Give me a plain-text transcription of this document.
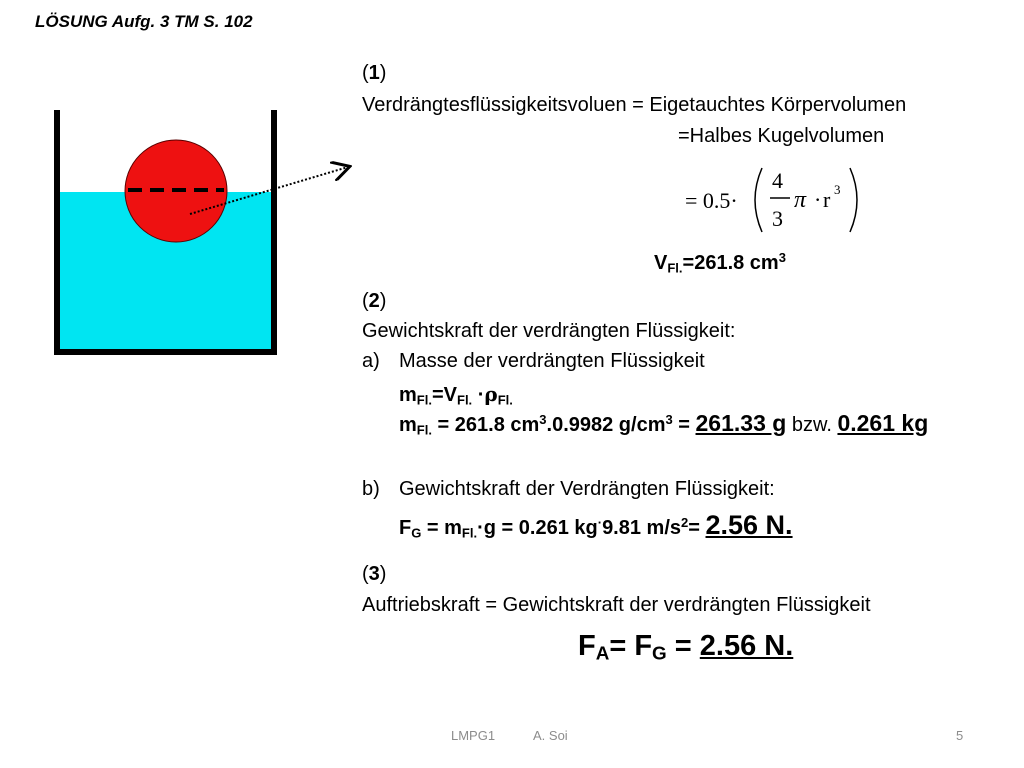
LÖSUNG Aufg. 3 TM S. 102
(1)
Verdrängtesflüssigkeitsvoluen = Eigetauchtes Körpervolumen
=Halbes Kugelvolumen
= 0.5·
4
3
π · r 3
$V_{Fl.}=261.8$ $cm^3$
(2)
Gewichtskraft der verdrängten Flüssigkeit:
a) Masse der verdrängten Flüssigkeit
$m_{Fl.}=V_{Fl.} \cdot\rho_{Fl.}$
$m_{Fl.} = 261.8$ $cm^3.0.9982$ $g/cm^3 = 261.33$ g bzw. 0.261 kg
b) Gewichtskraft der Verdrängten Flüssigkeit:
$F_G = m_{Fl.}\cdot g = 0.261$ kg·9.81 $m/s^2= 2.56$ N.
(3)
Auftriebskraft = Gewichtskraft der verdrängten Flüssigkeit
$F_A= F_G = 2.56$ N.
LMPG1	A. Soi	5
